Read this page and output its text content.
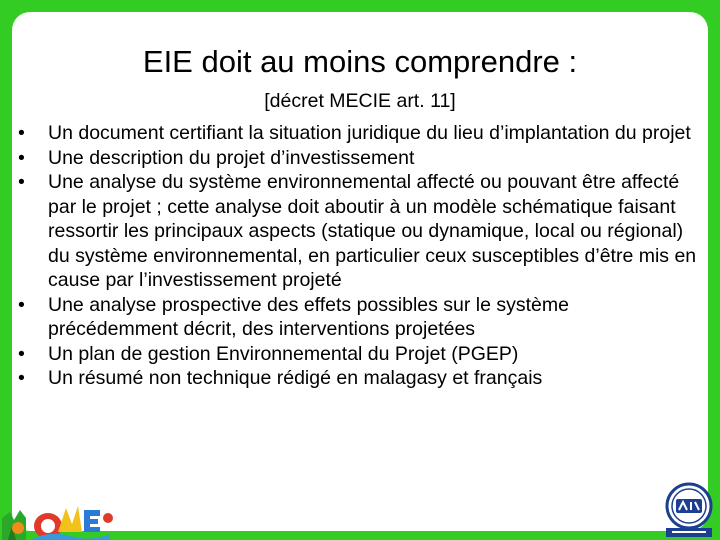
EIE doit au moins comprendre :
[décret MECIE art. 11]
•	Un document certifiant la situation juridique du lieu d’implantation du projet
•	Une description du projet d’investissement
•	Une analyse du système environnemental affecté ou pouvant être affecté par le projet ; cette analyse doit aboutir à un modèle schématique faisant ressortir les principaux aspects (statique ou dynamique, local ou régional) du système environnemental, en particulier ceux susceptibles d’être mis en cause par l’investissement projeté
•	Une analyse prospective des effets possibles sur le système précédemment décrit, des interventions projetées
•	Un plan de gestion Environnemental du Projet (PGEP)
•	Un résumé non technique rédigé en malagasy et français
